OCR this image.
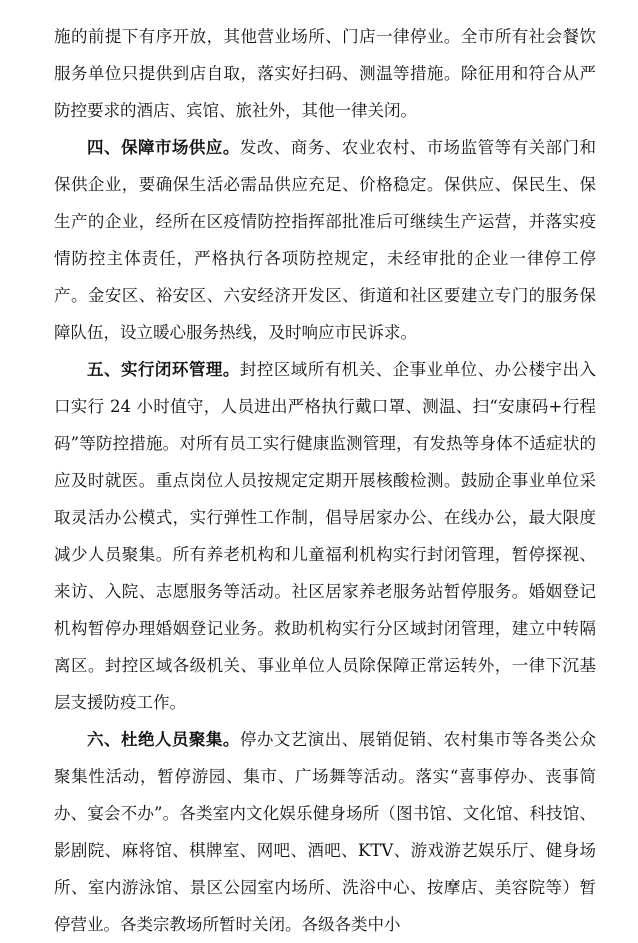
施的前提下有序开放，其他营业场所、门店一律停业。全市所有社会餐饮服务单位只提供到店自取，落实好扫码、测温等措施。除征用和符合从严防控要求的酒店、宾馆、旅社外，其他一律关闭。

四、保障市场供应。发改、商务、农业农村、市场监管等有关部门和保供企业，要确保生活必需品供应充足、价格稳定。保供应、保民生、保生产的企业，经所在区疫情防控指挥部批准后可继续生产运营，并落实疫情防控主体责任，严格执行各项防控规定，未经审批的企业一律停工停产。金安区、裕安区、六安经济开发区、街道和社区要建立专门的服务保障队伍，设立暖心服务热线，及时响应市民诉求。

五、实行闭环管理。封控区域所有机关、企事业单位、办公楼宇出入口实行 24 小时值守，人员进出严格执行戴口罩、测温、扫“安康码+行程码”等防控措施。对所有员工实行健康监测管理，有发热等身体不适症状的应及时就医。重点岗位人员按规定定期开展核酸检测。鼓励企事业单位采取灵活办公模式，实行弹性工作制，倡导居家办公、在线办公，最大限度减少人员聚集。所有养老机构和儿童福利机构实行封闭管理，暂停探视、来访、入院、志愿服务等活动。社区居家养老服务站暂停服务。婚姻登记机构暂停办理婚姻登记业务。救助机构实行分区域封闭管理，建立中转隔离区。封控区域各级机关、事业单位人员除保障正常运转外，一律下沉基层支援防疫工作。

六、杜绝人员聚集。停办文艺演出、展销促销、农村集市等各类公众聚集性活动，暂停游园、集市、广场舞等活动。落实“喜事停办、丧事简办、宴会不办”。各类室内文化娱乐健身场所（图书馆、文化馆、科技馆、影剧院、麻将馆、棋牌室、网吧、酒吧、KTV、游戏游艺娱乐厅、健身场所、室内游泳馆、景区公园室内场所、洗浴中心、按摩店、美容院等）暂停营业。各类宗教场所暂时关闭。各级各类中小
